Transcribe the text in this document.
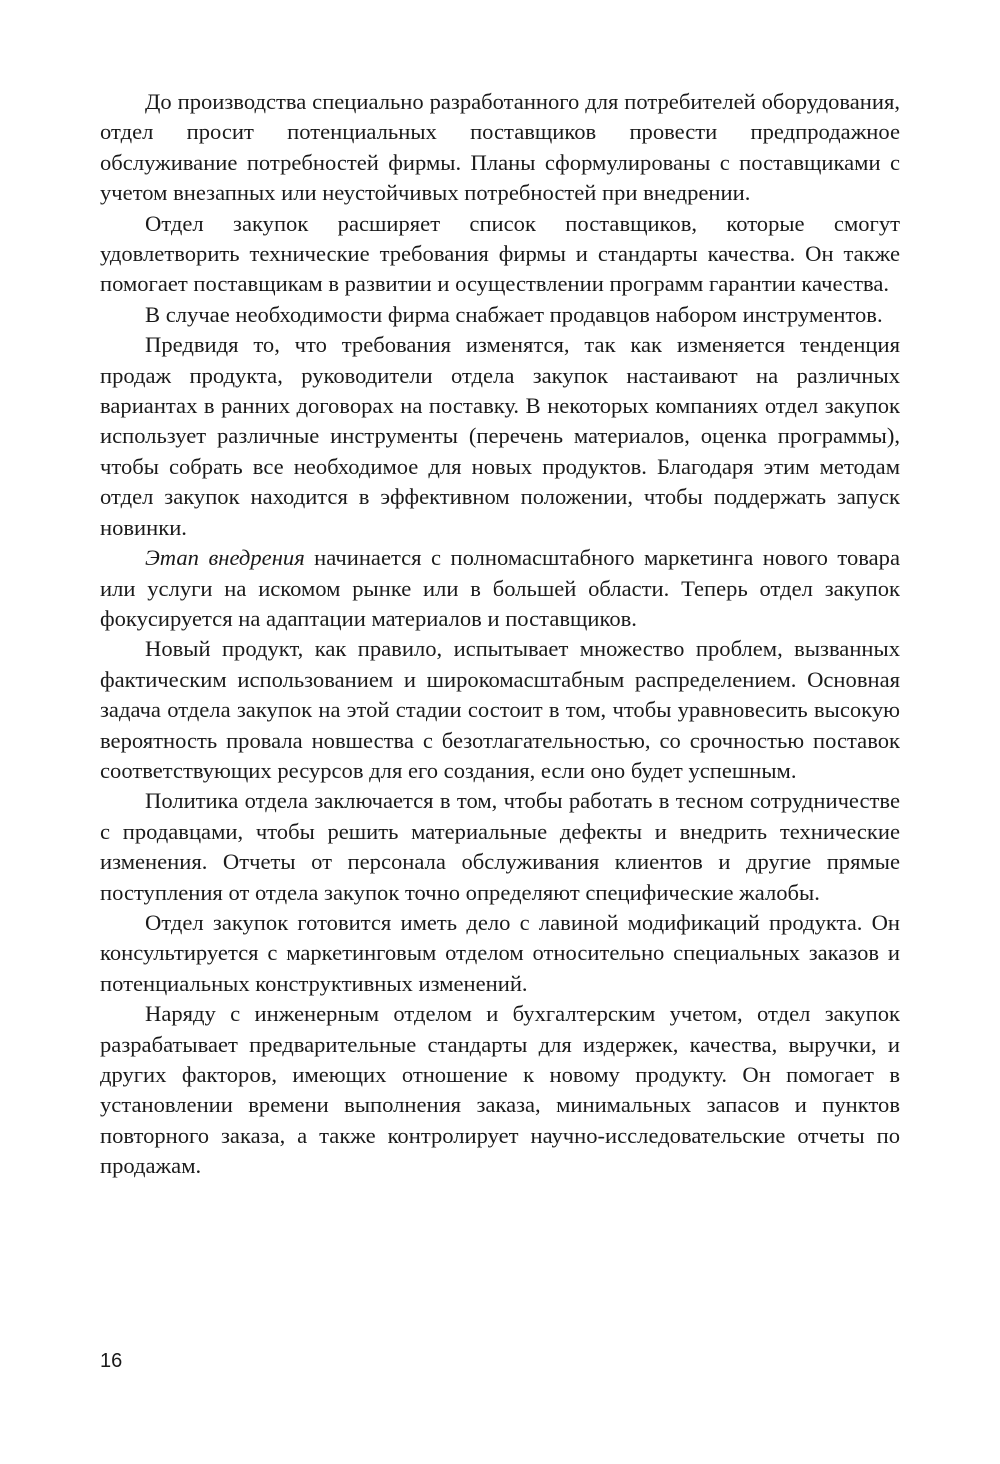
До производства специально разработанного для потребителей оборудования, отдел просит потенциальных поставщиков провести предпродажное обслуживание потребностей фирмы. Планы сформулированы с поставщиками с учетом внезапных или неустойчивых потребностей при внедрении.

Отдел закупок расширяет список поставщиков, которые смогут удовлетворить технические требования фирмы и стандарты качества. Он также помогает поставщикам в развитии и осуществлении программ гарантии качества.

В случае необходимости фирма снабжает продавцов набором инструментов.

Предвидя то, что требования изменятся, так как изменяется тенденция продаж продукта, руководители отдела закупок настаивают на различных вариантах в ранних договорах на поставку. В некоторых компаниях отдел закупок использует различные инструменты (перечень материалов, оценка программы), чтобы собрать все необходимое для новых продуктов. Благодаря этим методам отдел закупок находится в эффективном положении, чтобы поддержать запуск новинки.

Этап внедрения начинается с полномасштабного маркетинга нового товара или услуги на искомом рынке или в большей области. Теперь отдел закупок фокусируется на адаптации материалов и поставщиков.

Новый продукт, как правило, испытывает множество проблем, вызванных фактическим использованием и широкомасштабным распределением. Основная задача отдела закупок на этой стадии состоит в том, чтобы уравновесить высокую вероятность провала новшества с безотлагательностью, со срочностью поставок соответствующих ресурсов для его создания, если оно будет успешным.

Политика отдела заключается в том, чтобы работать в тесном сотрудничестве с продавцами, чтобы решить материальные дефекты и внедрить технические изменения. Отчеты от персонала обслуживания клиентов и другие прямые поступления от отдела закупок точно определяют специфические жалобы.

Отдел закупок готовится иметь дело с лавиной модификаций продукта. Он консультируется с маркетинговым отделом относительно специальных заказов и потенциальных конструктивных изменений.

Наряду с инженерным отделом и бухгалтерским учетом, отдел закупок разрабатывает предварительные стандарты для издержек, качества, выручки, и других факторов, имеющих отношение к новому продукту. Он помогает в установлении времени выполнения заказа, минимальных запасов и пунктов повторного заказа, а также контролирует научно-исследовательские отчеты по продажам.

16
